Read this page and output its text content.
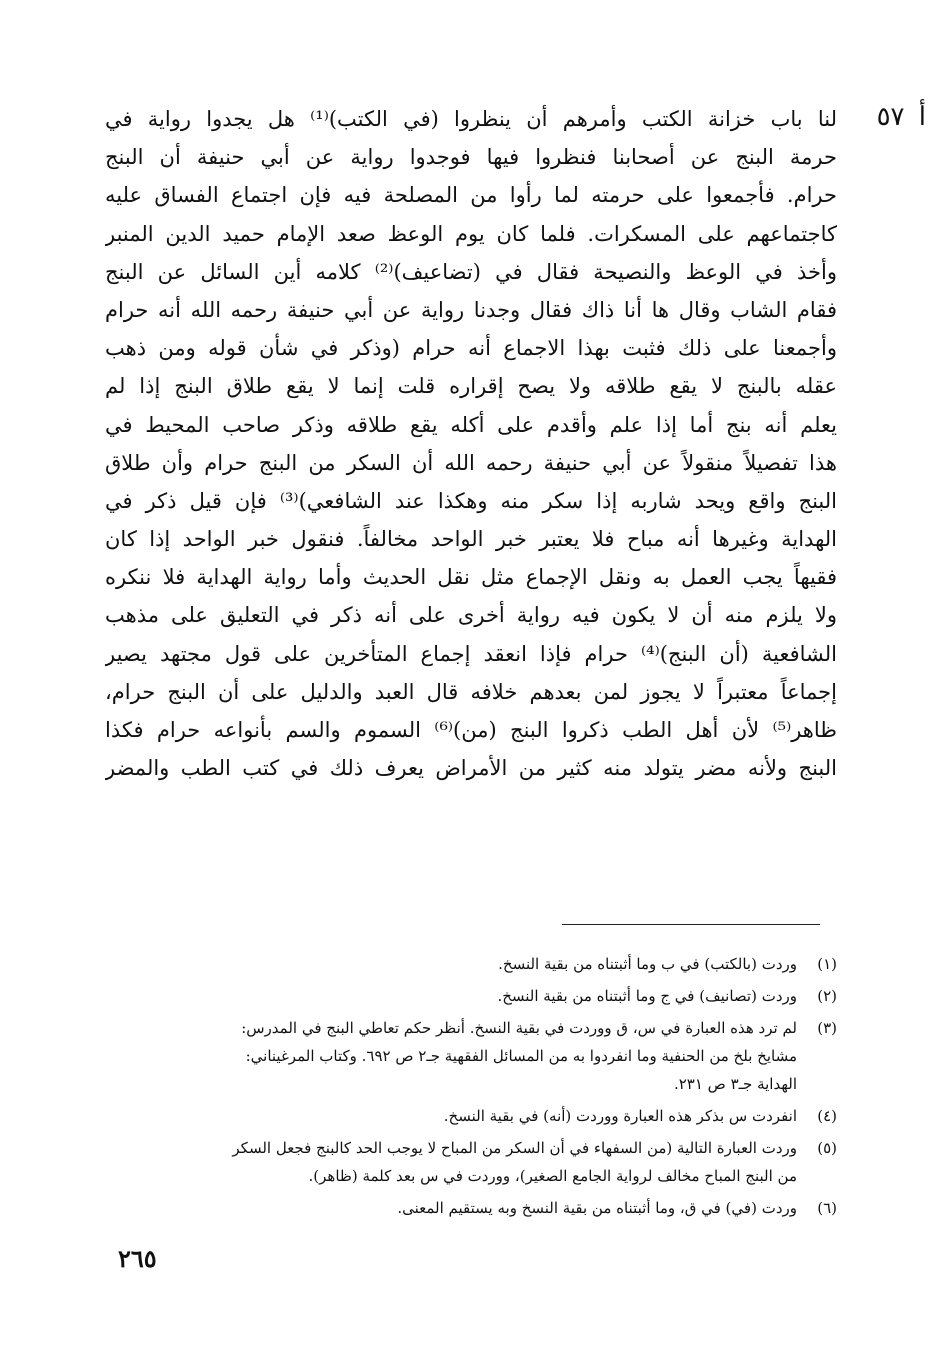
أ ٥٧
لنا باب خزانة الكتب وأمرهم أن ينظروا (في الكتب)⁽¹⁾ هل يجدوا رواية في
حرمة البنج عن أصحابنا فنظروا فيها فوجدوا رواية عن أبي حنيفة أن البنج
حرام. فأجمعوا على حرمته لما رأوا من المصلحة فيه فإن اجتماع الفساق عليه
كاجتماعهم على المسكرات. فلما كان يوم الوعظ صعد الإمام حميد الدين المنبر
وأخذ في الوعظ والنصيحة فقال في (تضاعيف)⁽²⁾ كلامه أين السائل عن البنج
فقام الشاب وقال ها أنا ذاك فقال وجدنا رواية عن أبي حنيفة رحمه الله أنه حرام
وأجمعنا على ذلك فثبت بهذا الاجماع أنه حرام (وذكر في شأن قوله ومن ذهب
عقله بالبنج لا يقع طلاقه ولا يصح إقراره قلت إنما لا يقع طلاق البنج إذا لم
يعلم أنه بنج أما إذا علم وأقدم على أكله يقع طلاقه وذكر صاحب المحيط في
هذا تفصيلاً منقولاً عن أبي حنيفة رحمه الله أن السكر من البنج حرام وأن طلاق
البنج واقع ويحد شاربه إذا سكر منه وهكذا عند الشافعي)⁽³⁾ فإن قيل ذكر في
الهداية وغيرها أنه مباح فلا يعتبر خبر الواحد مخالفاً. فنقول خبر الواحد إذا كان
فقيهاً يجب العمل به ونقل الإجماع مثل نقل الحديث وأما رواية الهداية فلا ننكره
ولا يلزم منه أن لا يكون فيه رواية أخرى على أنه ذكر في التعليق على مذهب
الشافعية (أن البنج)⁽⁴⁾ حرام فإذا انعقد إجماع المتأخرين على قول مجتهد يصير
إجماعاً معتبراً لا يجوز لمن بعدهم خلافه قال العبد والدليل على أن البنج حرام،
ظاهر⁽⁵⁾ لأن أهل الطب ذكروا البنج (من)⁽⁶⁾ السموم والسم بأنواعه حرام فكذا
البنج ولأنه مضر يتولد منه كثير من الأمراض يعرف ذلك في كتب الطب والمضر
(١)
وردت (بالكتب) في ب وما أثبتناه من بقية النسخ.
(٢)
وردت (تصانيف) في ج وما أثبتناه من بقية النسخ.
(٣)
لم ترد هذه العبارة في س، ق ووردت في بقية النسخ. أنظر حكم تعاطي البنج في المدرس:
مشايخ بلخ من الحنفية وما انفردوا به من المسائل الفقهية جـ٢ ص ٦٩٢. وكتاب المرغيناني:
الهداية جـ٣ ص ٢٣١.
(٤)
انفردت س بذكر هذه العبارة ووردت (أنه) في بقية النسخ.
(٥)
وردت العبارة التالية (من السفهاء في أن السكر من المباح لا يوجب الحد كالبنج فجعل السكر
من البنج المباح مخالف لرواية الجامع الصغير)، ووردت في س بعد كلمة (ظاهر).
(٦)
وردت (في) في ق، وما أثبتناه من بقية النسخ وبه يستقيم المعنى.
٢٦٥
